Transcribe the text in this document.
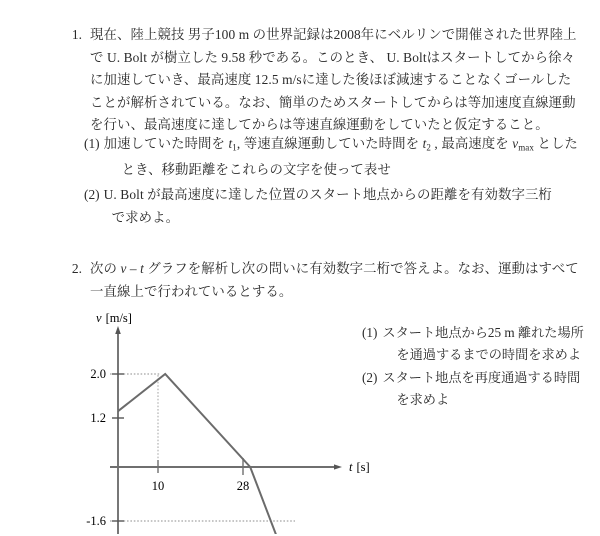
1. 現在、陸上競技 男子100 m の世界記録は2008年にベルリンで開催された世界陸上
で U. Bolt が樹立した 9.58 秒である。このとき、 U. Boltはスタートしてから徐々
に加速していき、最高速度 12.5 m/sに達した後ほぼ減速することなくゴールした
ことが解析されている。なお、簡単のためスタートしてからは等加速度直線運動
を行い、最高速度に達してからは等速直線運動をしていたと仮定すること。
(1) 加速していた時間を $t_1$, 等速直線運動していた時間を $t_2$ , 最高速度を $v_{max}$ とした
とき、移動距離をこれらの文字を使って表せ
(2) U. Bolt が最高速度に達した位置のスタート地点からの距離を有効数字三桁
で求めよ。
2. 次の v – t グラフを解析し次の問いに有効数字二桁で答えよ。なお、運動はすべて
一直線上で行われているとする。
v [m/s]
t [s]
2.0
1.2
-1.6
10	28
(1) スタート地点から25 m 離れた場所
を通過するまでの時間を求めよ
(2) スタート地点を再度通過する時間
を求めよ
